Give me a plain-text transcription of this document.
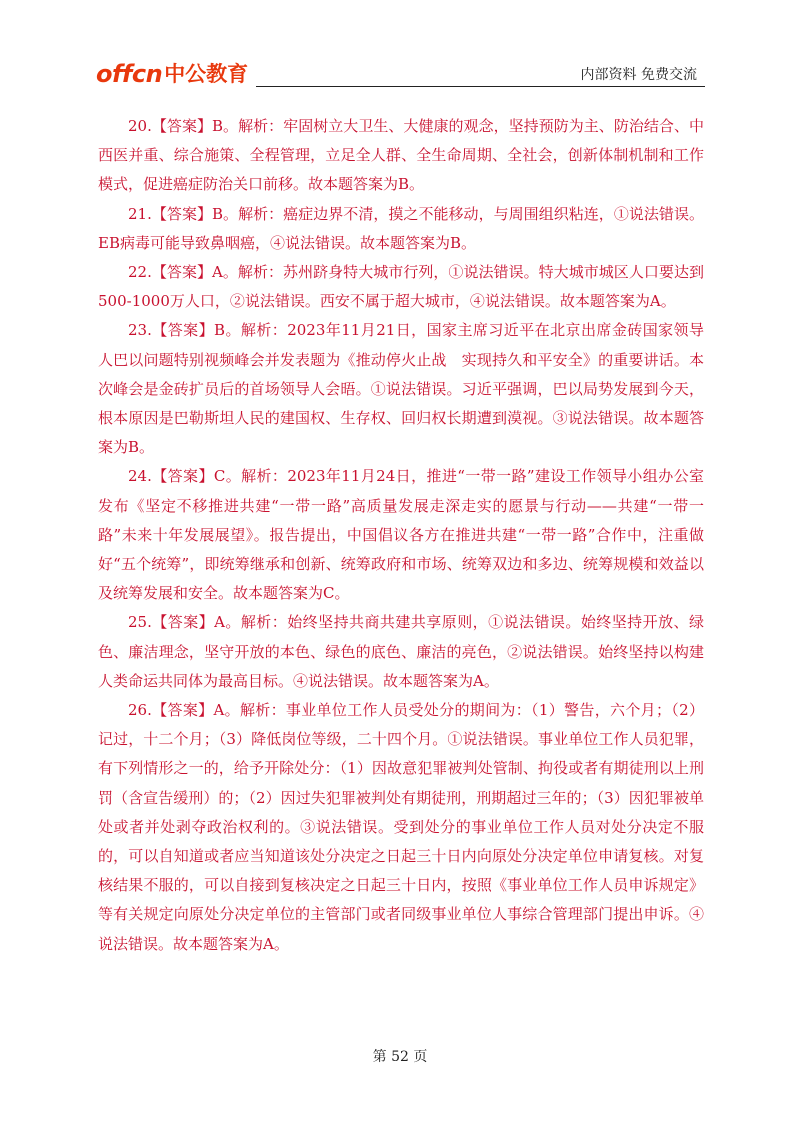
offcn 中公教育	内部资料 免费交流

20.【答案】B。解析：牢固树立大卫生、大健康的观念，坚持预防为主、防治结合、中西医并重、综合施策、全程管理，立足全人群、全生命周期、全社会，创新体制机制和工作模式，促进癌症防治关口前移。故本题答案为B。

21.【答案】B。解析：癌症边界不清，摸之不能移动，与周围组织粘连，①说法错误。EB病毒可能导致鼻咽癌，④说法错误。故本题答案为B。

22.【答案】A。解析：苏州跻身特大城市行列，①说法错误。特大城市城区人口要达到500-1000万人口，②说法错误。西安不属于超大城市，④说法错误。故本题答案为A。

23.【答案】B。解析：2023年11月21日，国家主席习近平在北京出席金砖国家领导人巴以问题特别视频峰会并发表题为《推动停火止战　实现持久和平安全》的重要讲话。本次峰会是金砖扩员后的首场领导人会晤。①说法错误。习近平强调，巴以局势发展到今天，根本原因是巴勒斯坦人民的建国权、生存权、回归权长期遭到漠视。③说法错误。故本题答案为B。

24.【答案】C。解析：2023年11月24日，推进“一带一路”建设工作领导小组办公室发布《坚定不移推进共建“一带一路”高质量发展走深走实的愿景与行动——共建“一带一路”未来十年发展展望》。报告提出，中国倡议各方在推进共建“一带一路”合作中，注重做好“五个统筹”，即统筹继承和创新、统筹政府和市场、统筹双边和多边、统筹规模和效益以及统筹发展和安全。故本题答案为C。

25.【答案】A。解析：始终坚持共商共建共享原则，①说法错误。始终坚持开放、绿色、廉洁理念，坚守开放的本色、绿色的底色、廉洁的亮色，②说法错误。始终坚持以构建人类命运共同体为最高目标。④说法错误。故本题答案为A。

26.【答案】A。解析：事业单位工作人员受处分的期间为：（1）警告，六个月；（2）记过，十二个月；（3）降低岗位等级，二十四个月。①说法错误。事业单位工作人员犯罪，有下列情形之一的，给予开除处分：（1）因故意犯罪被判处管制、拘役或者有期徒刑以上刑罚（含宣告缓刑）的；（2）因过失犯罪被判处有期徒刑，刑期超过三年的；（3）因犯罪被单处或者并处剥夺政治权利的。③说法错误。受到处分的事业单位工作人员对处分决定不服的，可以自知道或者应当知道该处分决定之日起三十日内向原处分决定单位申请复核。对复核结果不服的，可以自接到复核决定之日起三十日内，按照《事业单位工作人员申诉规定》等有关规定向原处分决定单位的主管部门或者同级事业单位人事综合管理部门提出申诉。④说法错误。故本题答案为A。

第 52 页
